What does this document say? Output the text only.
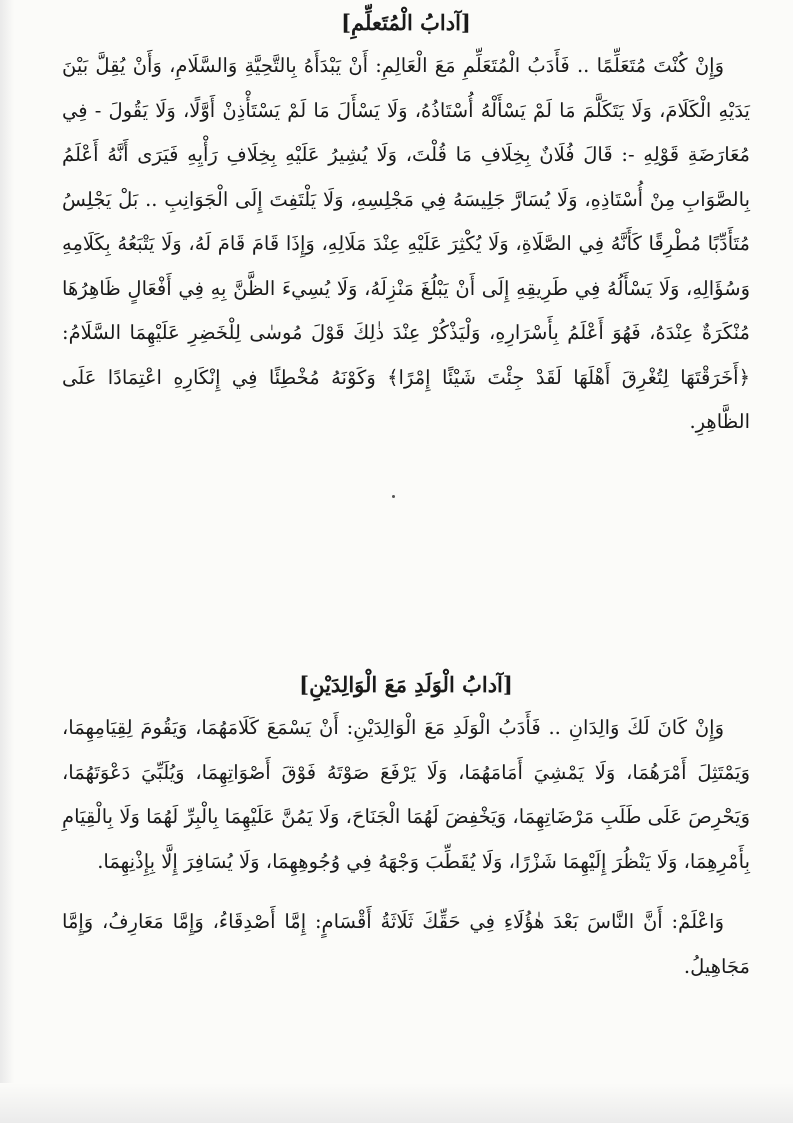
[آدابُ الْمُتَعلِّمِ]

وَإِنْ كُنْتَ مُتَعَلِّمًا .. فَأَدَبُ الْمُتَعَلِّمِ مَعَ الْعَالِمِ: أَنْ يَبْدَأَهُ بِالتَّحِيَّةِ وَالسَّلَامِ، وَأَنْ يُقِلَّ بَيْنَ يَدَيْهِ الْكَلَامَ، وَلَا يَتَكَلَّمَ مَا لَمْ يَسْأَلْهُ أُسْتَاذُهُ، وَلَا يَسْأَلَ مَا لَمْ يَسْتَأْذِنْ أَوَّلًا، وَلَا يَقُولَ - فِي مُعَارَضَةِ قَوْلِهِ -: قَالَ فُلَانٌ بِخِلَافِ مَا قُلْتَ، وَلَا يُشِيرُ عَلَيْهِ بِخِلَافِ رَأْيِهِ فَيَرَى أَنَّهُ أَعْلَمُ بِالصَّوَابِ مِنْ أُسْتَاذِهِ، وَلَا يُسَارَّ جَلِيسَهُ فِي مَجْلِسِهِ، وَلَا يَلْتَفِتَ إِلَى الْجَوَانِبِ .. بَلْ يَجْلِسُ مُتَأَدِّبًا مُطْرِقًا كَأَنَّهُ فِي الصَّلَاةِ، وَلَا يُكْثِرَ عَلَيْهِ عِنْدَ مَلَالِهِ، وَإِذَا قَامَ قَامَ لَهُ، وَلَا يَتْبَعُهُ بِكَلَامِهِ وَسُؤَالِهِ، وَلَا يَسْأَلُهُ فِي طَرِيقِهِ إِلَى أَنْ يَبْلُغَ مَنْزِلَهُ، وَلَا يُسِيءَ الظَّنَّ بِهِ فِي أَفْعَالٍ ظَاهِرُهَا مُنْكَرَةٌ عِنْدَهُ، فَهُوَ أَعْلَمُ بِأَسْرَارِهِ، وَلْيَذْكُرْ عِنْدَ ذٰلِكَ قَوْلَ مُوسٰى لِلْخَضِرِ عَلَيْهِمَا السَّلَامُ: ﴿أَخَرَقْتَهَا لِتُغْرِقَ أَهْلَهَا لَقَدْ جِئْتَ شَيْئًا إِمْرًا﴾ وَكَوْنَهُ مُخْطِئًا فِي إِنْكَارِهِ اعْتِمَادًا عَلَى الظَّاهِرِ.

[آدابُ الْوَلَدِ مَعَ الْوَالِدَيْنِ]

وَإِنْ كَانَ لَكَ وَالِدَانِ .. فَأَدَبُ الْوَلَدِ مَعَ الْوَالِدَيْنِ: أَنْ يَسْمَعَ كَلَامَهُمَا، وَيَقُومَ لِقِيَامِهِمَا، وَيَمْتَثِلَ أَمْرَهُمَا، وَلَا يَمْشِيَ أَمَامَهُمَا، وَلَا يَرْفَعَ صَوْتَهُ فَوْقَ أَصْوَاتِهِمَا، وَيُلَبِّيَ دَعْوَتَهُمَا، وَيَحْرِصَ عَلَى طَلَبِ مَرْضَاتِهِمَا، وَيَخْفِضَ لَهُمَا الْجَنَاحَ، وَلَا يَمُنَّ عَلَيْهِمَا بِالْبِرِّ لَهُمَا وَلَا بِالْقِيَامِ بِأَمْرِهِمَا، وَلَا يَنْظُرَ إِلَيْهِمَا شَزْرًا، وَلَا يُقَطِّبَ وَجْهَهُ فِي وُجُوهِهِمَا، وَلَا يُسَافِرَ إِلَّا بِإِذْنِهِمَا.

وَاعْلَمْ: أَنَّ النَّاسَ بَعْدَ هٰؤُلَاءِ فِي حَقِّكَ ثَلَاثَةُ أَقْسَامٍ: إِمَّا أَصْدِقَاءُ، وَإِمَّا مَعَارِفُ، وَإِمَّا مَجَاهِيلُ.
